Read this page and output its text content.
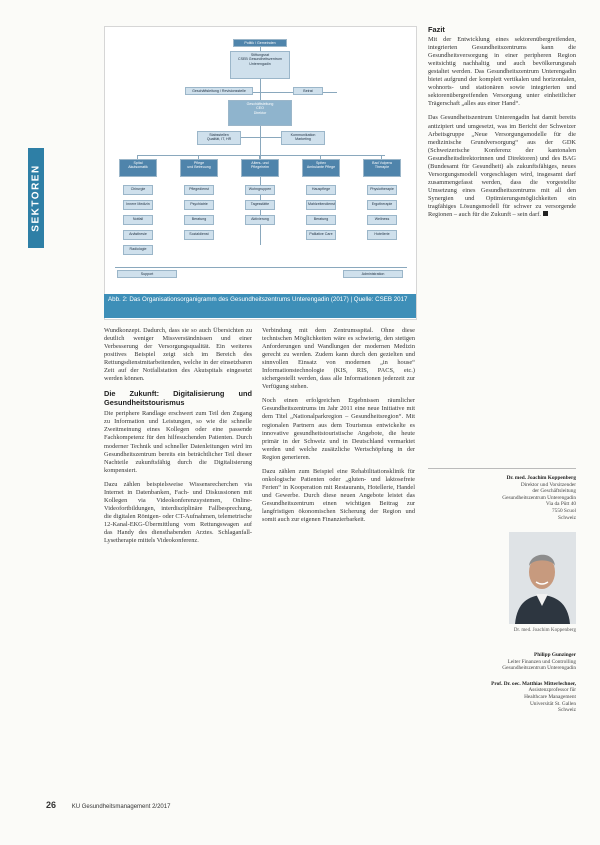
SEKTOREN
Politik / Gemeinden
Stiftungsrat
CSEB Gesundheitszentrum
Unterengadin
Geschäftsleitung / Revisionsstelle	Beirat
Geschäftsleitung
CEO
Direktor
Stabsstellen
Qualität, IT, HR
Kommunikation
Marketing
Spital
Akutsomatik
Chirurgie
Innere Medizin
Notfall
Anästhesie
Radiologie
Pflege
und Betreuung
Pflegedienst
Psychiatrie
Beratung
Sozialdienst
Alters- und
Pflegeheim
Wohngruppen
Tagesstätte
Aktivierung
Spitex
Ambulante Pflege
Hauspflege
Mahlzeitendienst
Beratung
Palliative Care
Bad Vulpera
Therapie
Physiotherapie
Ergotherapie
Wellness
Hotellerie
Support	Administration
Abb. 2: Das Organisationsorganigramm des Gesundheitszentrums Unterengadin (2017) | Quelle: CSEB 2017

Wundkonzept. Dadurch, dass sie so auch Übersichten zu deutlich weniger Missverständnissen und einer Verbesserung der Versorgungsqualität. Ein weiteres positives Beispiel zeigt sich im Bereich des Rettungsdienstmitarbeitenden, welche in der einsetzbaren Zeit auf der Notfallstation des Akutspitals eingesetzt werden können.

Die Zukunft: Digitalisierung und Gesundheitstourismus

Die periphere Randlage erschwert zum Teil den Zugang zu Information und Leistungen, so wie die schnelle Zweitmeinung eines Kollegen oder eine passende Fachkompetenz für den hilfesuchenden Patienten. Durch moderner Technik und schneller Datenleitungen wird im Gesundheitszentrum bereits ein beträchtlicher Teil dieser Nachteile zukunftsfähig durch die Digitalisierung kompensiert.

Dazu zählen beispielsweise Wissensrecherchen via Internet in Datenbanken, Fach- und Diskussionen mit Kollegen via Videokonferenzsystemen, Online-Videofortbildungen, interdisziplinäre Fallbesprechung, die digitalen Röntgen- oder CT-Aufnahmen, telemetrische 12-Kanal-EKG-Übermittlung vom Rettungswagen auf das Handy des diensthabenden Arztes. Schlaganfall-Lysetherapie mittels Videokonferenz.

Verbindung mit dem Zentrumsspital. Ohne diese technischen Möglichkeiten wäre es schwierig, den stetigen Anforderungen und Wandlungen der modernen Medizin gerecht zu werden. Zudem kann durch den gezielten und sinnvollen Einsatz von modernen „in house“ Informationstechnologie (KIS, RIS, PACS, etc.) sichergestellt werden, dass alle Informationen jederzeit zur Verfügung stehen.

Noch einen erfolgreichen Ergebnissen räumlicher Gesundheitszentrums im Jahr 2011 eine neue Initiative mit dem Titel „Nationalparkregion – Gesundheitsregion“. Mit regionalen Partnern aus dem Tourismus entwickelte es innovative gesundheitstouristische Angebote, die heute primär in der Schweiz und in Deutschland vermarktet werden und welche zusätzliche Wertschöpfung in der Region generieren.

Dazu zählen zum Beispiel eine Rehabilitationsklinik für onkologische Patienten oder „gluten- und laktosefreie Ferien“ in Kooperation mit Restaurants, Hotellerie, Handel und Gewerbe. Durch diese neuen Angebote leistet das Gesundheitszentrum einen wichtigen Beitrag zur langfristigen ökonomischen Sicherung der Region und somit auch zur eigenen Finanzierbarkeit.

Fazit

Mit der Entwicklung eines sektorenübergreifenden, integrierten Gesundheitszentrums kann die Gesundheitsversorgung in einer peripheren Region weitsichtig nachhaltig und auch bevölkerungsnah gestaltet werden. Das Gesundheitszentrum Unterengadin bietet aufgrund der komplett vertikalen und horizontalen, wohnorts- und stationären sowie integrierten und sektorenübergreifenden Versorgung unter einheitlicher Trägerschaft „alles aus einer Hand“.

Das Gesundheitszentrum Unterengadin hat damit bereits antizipiert und umgesetzt, was im Bericht der Schweizer Arbeitsgruppe „Neue Versorgungsmodelle für die medizinische Grundversorgung“ aus der GDK (Schweizerische Konferenz der kantonalen Gesundheitsdirektorinnen und Direktoren) und des BAG (Bundesamt für Gesundheit) als zukunftsfähiges, neues Versorgungsmodell vorgeschlagen wird, insgesamt darf zusammengefasst werden, dass die vorgestellte Umsetzung eines Gesundheitszentrums mit all den Synergien und Optimierungsmöglichkeiten ein tragfähiges Lösungsmodell für schwer zu versorgende Regionen – auch für die Zukunft – sein darf.

Dr. med. Joachim Koppenberg
Direktor und Vorsitzender
der Geschäftsleitung
Gesundheitszentrum Unterengadin
Via da Pütt 40
7550 Scuol
Schweiz
Dr. med. Joachim Koppenberg
Philipp Gunzinger
Leiter Finanzen und Controlling
Gesundheitszentrum Unterengadin
Prof. Dr. oec. Matthias Mitterlechner,
Assistenzprofessor für
Healthcare Management
Universität St. Gallen
Schweiz
26	KU Gesundheitsmanagement 2/2017
